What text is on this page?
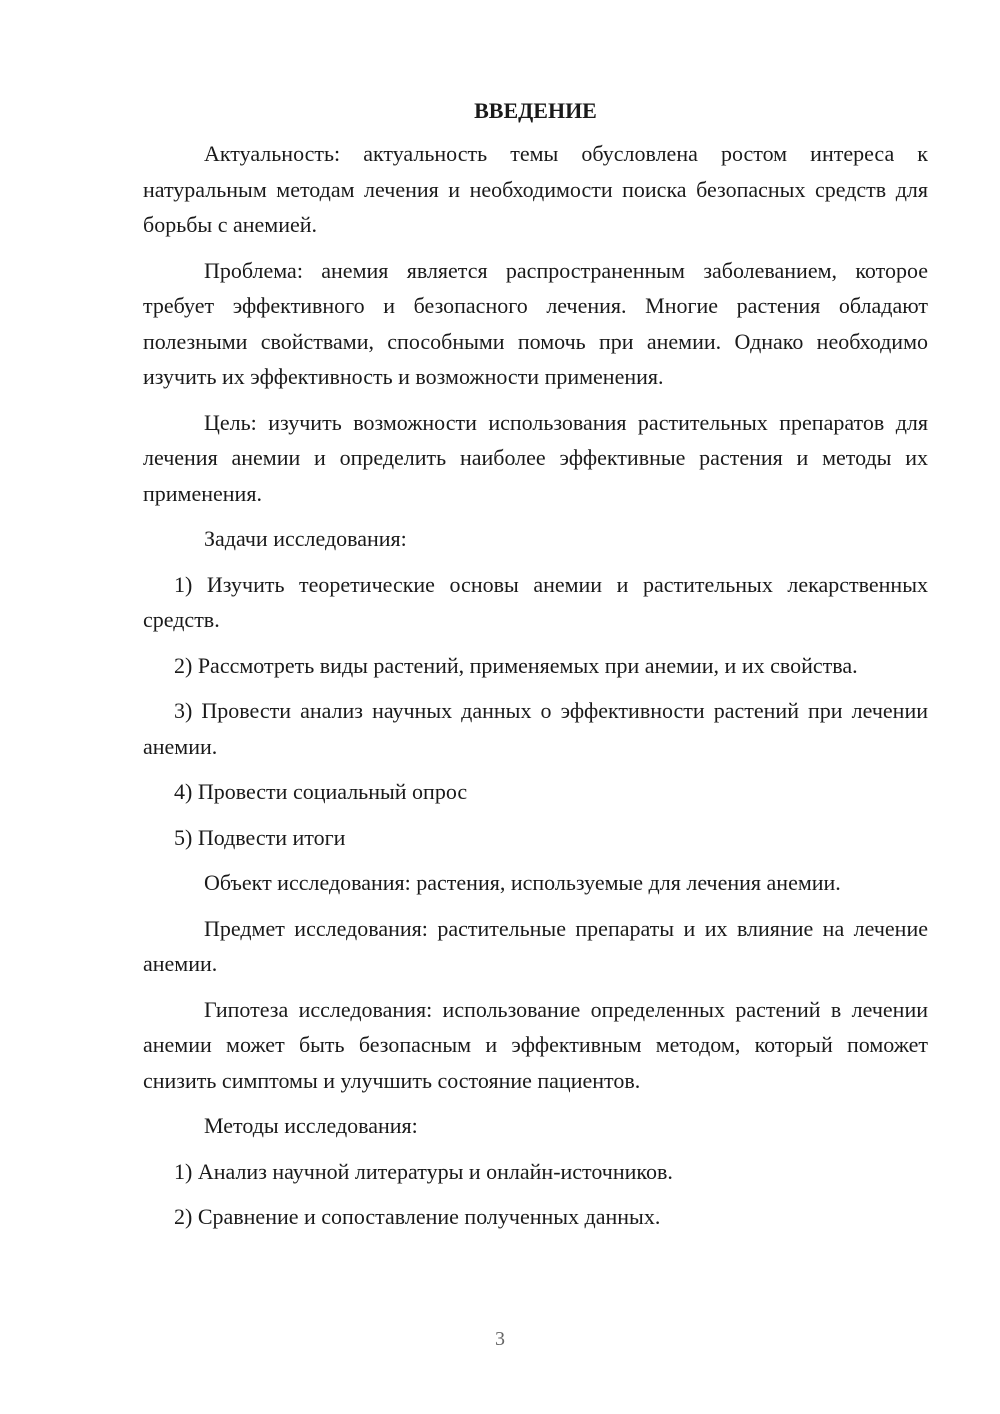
ВВЕДЕНИЕ

Актуальность: актуальность темы обусловлена ростом интереса к натуральным методам лечения и необходимости поиска безопасных средств для борьбы с анемией.

Проблема: анемия является распространенным заболеванием, которое требует эффективного и безопасного лечения. Многие растения обладают полезными свойствами, способными помочь при анемии. Однако необходимо изучить их эффективность и возможности применения.

Цель: изучить возможности использования растительных препаратов для лечения анемии и определить наиболее эффективные растения и методы их применения.

Задачи исследования:

1) Изучить теоретические основы анемии и растительных лекарственных средств.

2) Рассмотреть виды растений, применяемых при анемии, и их свойства.

3) Провести анализ научных данных о эффективности растений при лечении анемии.

4) Провести социальный опрос

5) Подвести итоги

Объект исследования: растения, используемые для лечения анемии.

Предмет исследования: растительные препараты и их влияние на лечение анемии.

Гипотеза исследования: использование определенных растений в лечении анемии может быть безопасным и эффективным методом, который поможет снизить симптомы и улучшить состояние пациентов.

Методы исследования:

1) Анализ научной литературы и онлайн-источников.

2) Сравнение и сопоставление полученных данных.

3
